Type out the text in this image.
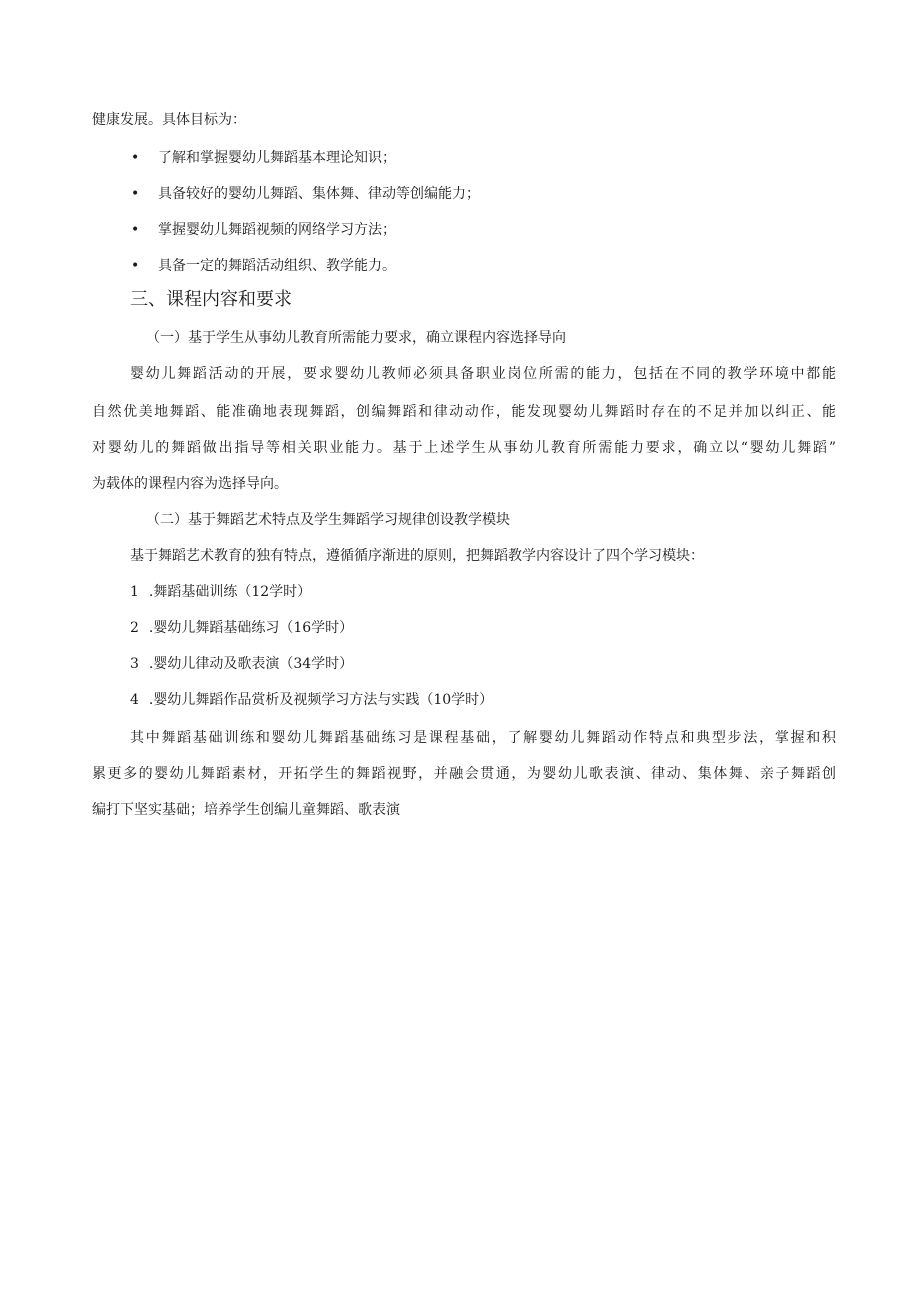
健康发展。具体目标为：
• 了解和掌握婴幼儿舞蹈基本理论知识；
• 具备较好的婴幼儿舞蹈、集体舞、律动等创编能力；
• 掌握婴幼儿舞蹈视频的网络学习方法；
• 具备一定的舞蹈活动组织、教学能力。
三、课程内容和要求
（一）基于学生从事幼儿教育所需能力要求，确立课程内容选择导向
婴幼儿舞蹈活动的开展，要求婴幼儿教师必须具备职业岗位所需的能力，包括在不同的教学环境中都能
自然优美地舞蹈、能准确地表现舞蹈，创编舞蹈和律动动作，能发现婴幼儿舞蹈时存在的不足并加以纠正、能
对婴幼儿的舞蹈做出指导等相关职业能力。基于上述学生从事幼儿教育所需能力要求，确立以“婴幼儿舞蹈”
为载体的课程内容为选择导向。
（二）基于舞蹈艺术特点及学生舞蹈学习规律创设教学模块
基于舞蹈艺术教育的独有特点，遵循循序渐进的原则，把舞蹈教学内容设计了四个学习模块：
1 .舞蹈基础训练（12学时）
2 .婴幼儿舞蹈基础练习（16学时）
3 .婴幼儿律动及歌表演（34学时）
4 .婴幼儿舞蹈作品赏析及视频学习方法与实践（10学时）
其中舞蹈基础训练和婴幼儿舞蹈基础练习是课程基础，了解婴幼儿舞蹈动作特点和典型步法，掌握和积
累更多的婴幼儿舞蹈素材，开拓学生的舞蹈视野，并融会贯通，为婴幼儿歌表演、律动、集体舞、亲子舞蹈创
编打下坚实基础；培养学生创编儿童舞蹈、歌表演
